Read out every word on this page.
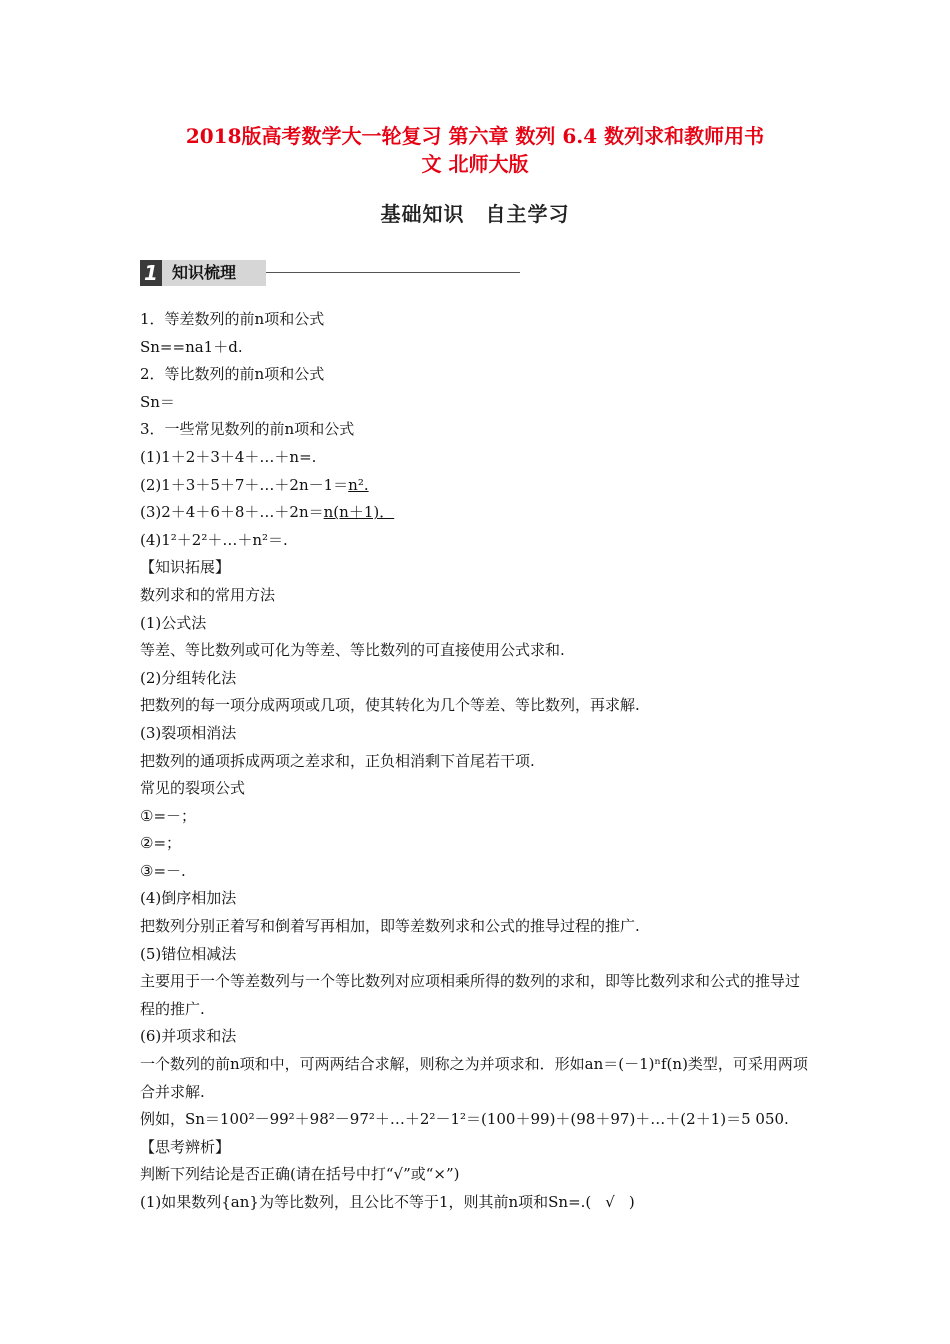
2018版高考数学大一轮复习 第六章 数列 6.4 数列求和教师用书
文 北师大版
基础知识　自主学习
1 知识梳理
1．等差数列的前n项和公式
Sn==na1＋d.
2．等比数列的前n项和公式
Sn＝
3．一些常见数列的前n项和公式
(1)1＋2＋3＋4＋…＋n=.
(2)1＋3＋5＋7＋…＋2n－1＝n².
(3)2＋4＋6＋8＋…＋2n＝n(n＋1)．
(4)1²＋2²＋…＋n²＝.
【知识拓展】
数列求和的常用方法
(1)公式法
等差、等比数列或可化为等差、等比数列的可直接使用公式求和.
(2)分组转化法
把数列的每一项分成两项或几项，使其转化为几个等差、等比数列，再求解.
(3)裂项相消法
把数列的通项拆成两项之差求和，正负相消剩下首尾若干项.
常见的裂项公式
①=－；
②=；
③=－.
(4)倒序相加法
把数列分别正着写和倒着写再相加，即等差数列求和公式的推导过程的推广.
(5)错位相减法
主要用于一个等差数列与一个等比数列对应项相乘所得的数列的求和，即等比数列求和公式的推导过程的推广.
(6)并项求和法
一个数列的前n项和中，可两两结合求解，则称之为并项求和．形如an＝(－1)ⁿf(n)类型，可采用两项合并求解.
例如，Sn＝100²－99²＋98²－97²＋…＋2²－1²＝(100＋99)＋(98＋97)＋…＋(2＋1)＝5 050.
【思考辨析】
判断下列结论是否正确(请在括号中打“√”或“×”)
(1)如果数列{an}为等比数列，且公比不等于1，则其前n项和Sn=.( √ )
